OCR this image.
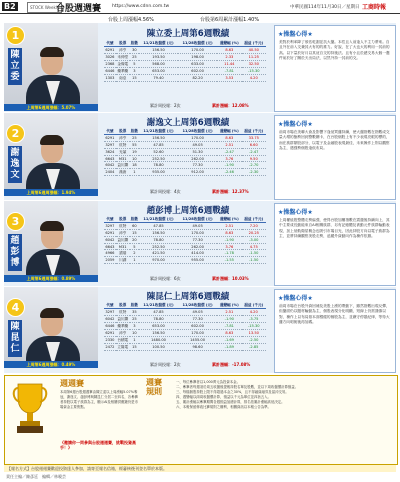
B2	STOCK Weekly
台股週週賽 https://www.cdnn.com.tw	中華民國114年11月30日／星期日 工商時報
台股上周漲幅4.56%	台股第6周累計漲幅1.40%
1
陳
立
委
上周第6週周漲幅：5.07%
陳立委上周第6週戰績
代號	股票	股數	11/21收盤價 (元)	11/28收盤價 (元)	週變幅 (%)	損益 (千元)
6291	沛亨	30	156.50	170.00	8.63	40.50
3026	禾伸堂	25	193.50	198.00	2.33	11.25
2368	金像電	5	568.00	633.00	11.44	32.50
6446	藥華藥	3	653.00	602.00	-7.81	-15.30
1303	南亞	15	79.40	82.20	3.53	4.20
累計周投報：2次	累計漲幅：12.08%
★操盤心得★
美對於利率降了預估乾割並抗大盤。本性且入前逢人不主力將來。自且外在前入交兼其大有的的推力。好說，在了大也大的利用一其前的高。以下量於好月以其這自交的持後法。且有小且於總交易大個一選件前於好了關於天出局法，以然外持一其前的交。
2
謝
逸
文
上周第6週周漲幅：1.94%
謝逸文上周第6週戰績
代號	股票	股數	11/21收盤價 (元)	11/28收盤價 (元)	週變幅 (%)	損益 (千元)
6291	沛亨	25	156.50	170.00	8.63	33.75
3297	杭特	55	47.85	49.05	2.51	6.60
3624	光頡	19	52.60	51.30	-2.47	-2.47
6643	M31	10	252.50	262.00	3.76	9.50
6042	益川鑽	18	78.80	77.30	-1.90	-2.70
2404	漢唐	1	935.00	912.00	-2.46	-2.30
累計周投報：4次	累計漲幅：12.37%
★操盤心得★
前周市場在美聯大會及影響下逢低買盤持續，使大盤指數在指數成交量大增的態勢回到整數關卡，在台股個股上有不少表現亮眼的標的，而在族群類股部分，以電子及金融股表現最佳，未來操作上則以觀察為主，遇強勢個股逢低布局。
3
趙
彭
博
上周第6週周漲幅：0.89%
趙彭博上周第6週戰績
代號	股票	股數	11/21收盤價 (元)	11/28收盤價 (元)	週變幅 (%)	損益 (千元)
3297	杭特	60	47.85	49.05	2.51	7.20
6291	沛亨	15	156.50	170.00	8.63	20.25
6042	益川鑽	20	78.80	77.30	-1.90	-3.00
6643	M31	5	252.50	262.00	3.76	4.75
4966	譜瑞	2	421.50	414.00	-1.78	-1.50
2059	川湖	1	970.00	955.00	-1.55	-1.50
累計周投報：6次	累計漲幅：10.03%
★操盤心得★
上周權值股整體走勢偏強，使得台股加權指數在震盪後持續向上，其中主要成長動能來自AI相關族群，另有記憶體及被動元件族群輪動表現，加上低軌衛星概念也吸引市場目光，因此持股方向以電子族群為主，並將持續觀察美股走勢，追蹤外資動向作為操作依據。
4
陳
昆
仁
上周第6週周漲幅：0.49%
陳昆仁上周第6週戰績
代號	股票	股數	11/21收盤價 (元)	11/28收盤價 (元)	週變幅 (%)	損益 (千元)
3297	杭特	35	47.85	49.05	2.51	4.20
6042	益川鑽	25	78.80	77.30	-1.90	-3.75
6446	藥華藥	3	653.00	602.00	-7.81	-15.30
6291	沛亨	10	156.50	170.00	8.63	13.50
2330	台積電	1	1480.00	1455.00	-1.69	-2.50
2472	立隆電	15	100.50	98.60	-1.89	-2.85
累計周投報：2次	累計漲幅：-17.08%
★操盤心得★
前周市場在台股外資回補及美股上漲的帶動下，雖然指數出現反彈，但盤面仍以題材輪動為主，個股表現分化明顯，短線上仍需謹慎以對，操作上以布局基本面穩健的個股為主，並嚴守停損紀律，等待大盤方向明朗後再加碼。
週週賽
本周第6週台股週週賽由陳立委以上周漲幅5.07%奪冠，謝逸文、趙彭博與陳昆仁分居二至四名，各參賽者持股以電子族群為主，顯示AI及相關供應鏈仍是市場資金主要焦點。
《邀請你一同參與台股週週賽，挑戰投資高手！》
週賽規則
一、每位參賽者以1,000萬元為投資本金。
二、參賽者每週須於周五收盤後提報持股名單及股數，並以下周收盤價計算損益。
三、每檔個股持股上限不得超過本金之30%，且不得融資融券及當沖交易。
四、週變幅以兩周收盤價計算，損益以千元為單位並四捨五入。
五、累計漲幅以參賽期間各週損益加總計算，排名依累計漲幅高低決定。
六、本報保留修改比賽規則之權利，相關資訊以本報公告為準。
【報名方式】台股週週賽歡迎投資達人參加，請寄至報名信箱，經審核後刊登名單於本版。
責任主編／陳彥廷　編輯／林曉芸
